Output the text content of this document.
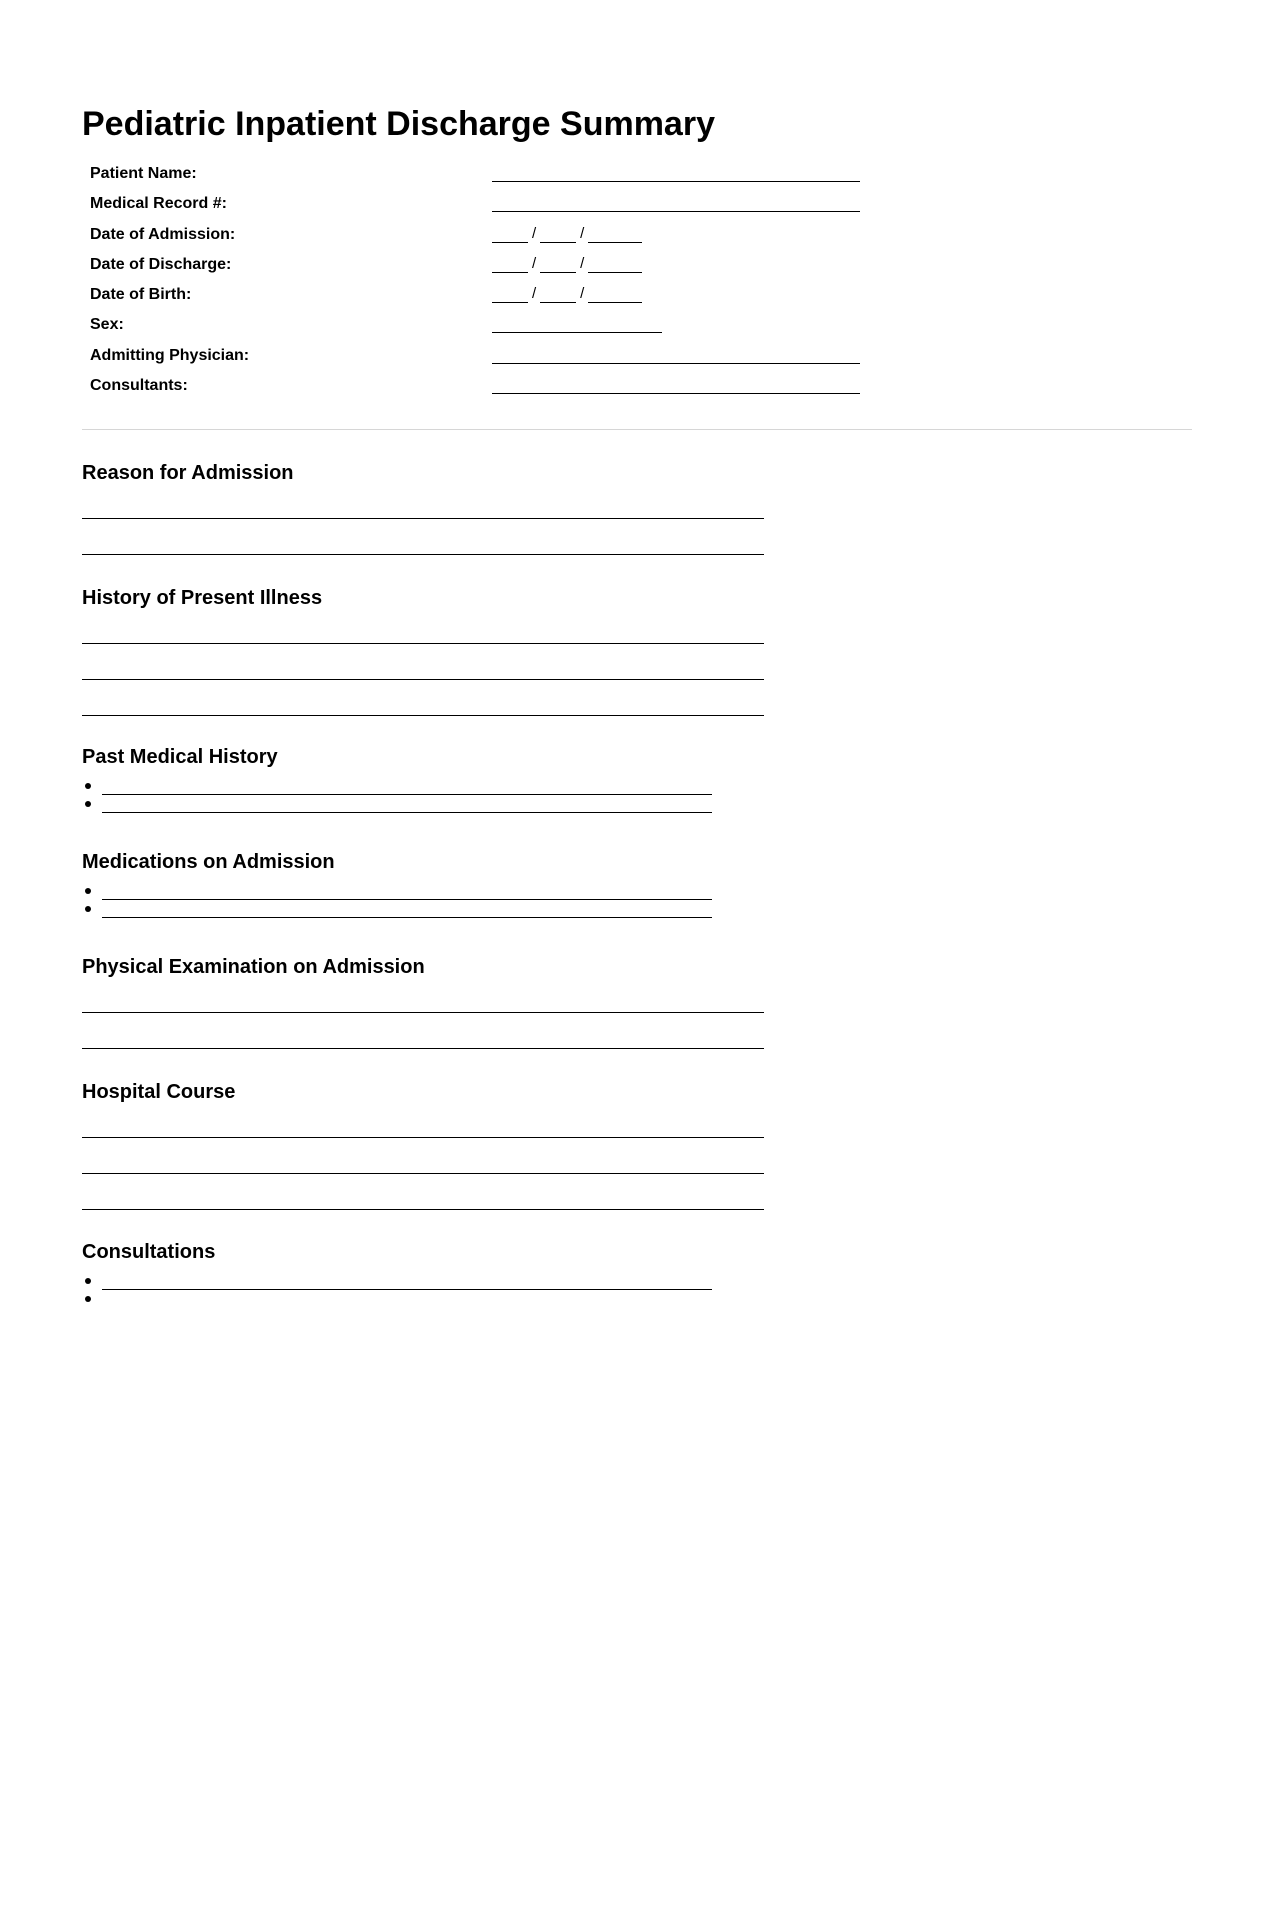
Pediatric Inpatient Discharge Summary
Patient Name:
Medical Record #:
Date of Admission:	/	/
Date of Discharge:	/	/
Date of Birth:	/	/
Sex:
Admitting Physician:
Consultants:
Reason for Admission
History of Present Illness
Past Medical History
Medications on Admission
Physical Examination on Admission
Hospital Course
Consultations
